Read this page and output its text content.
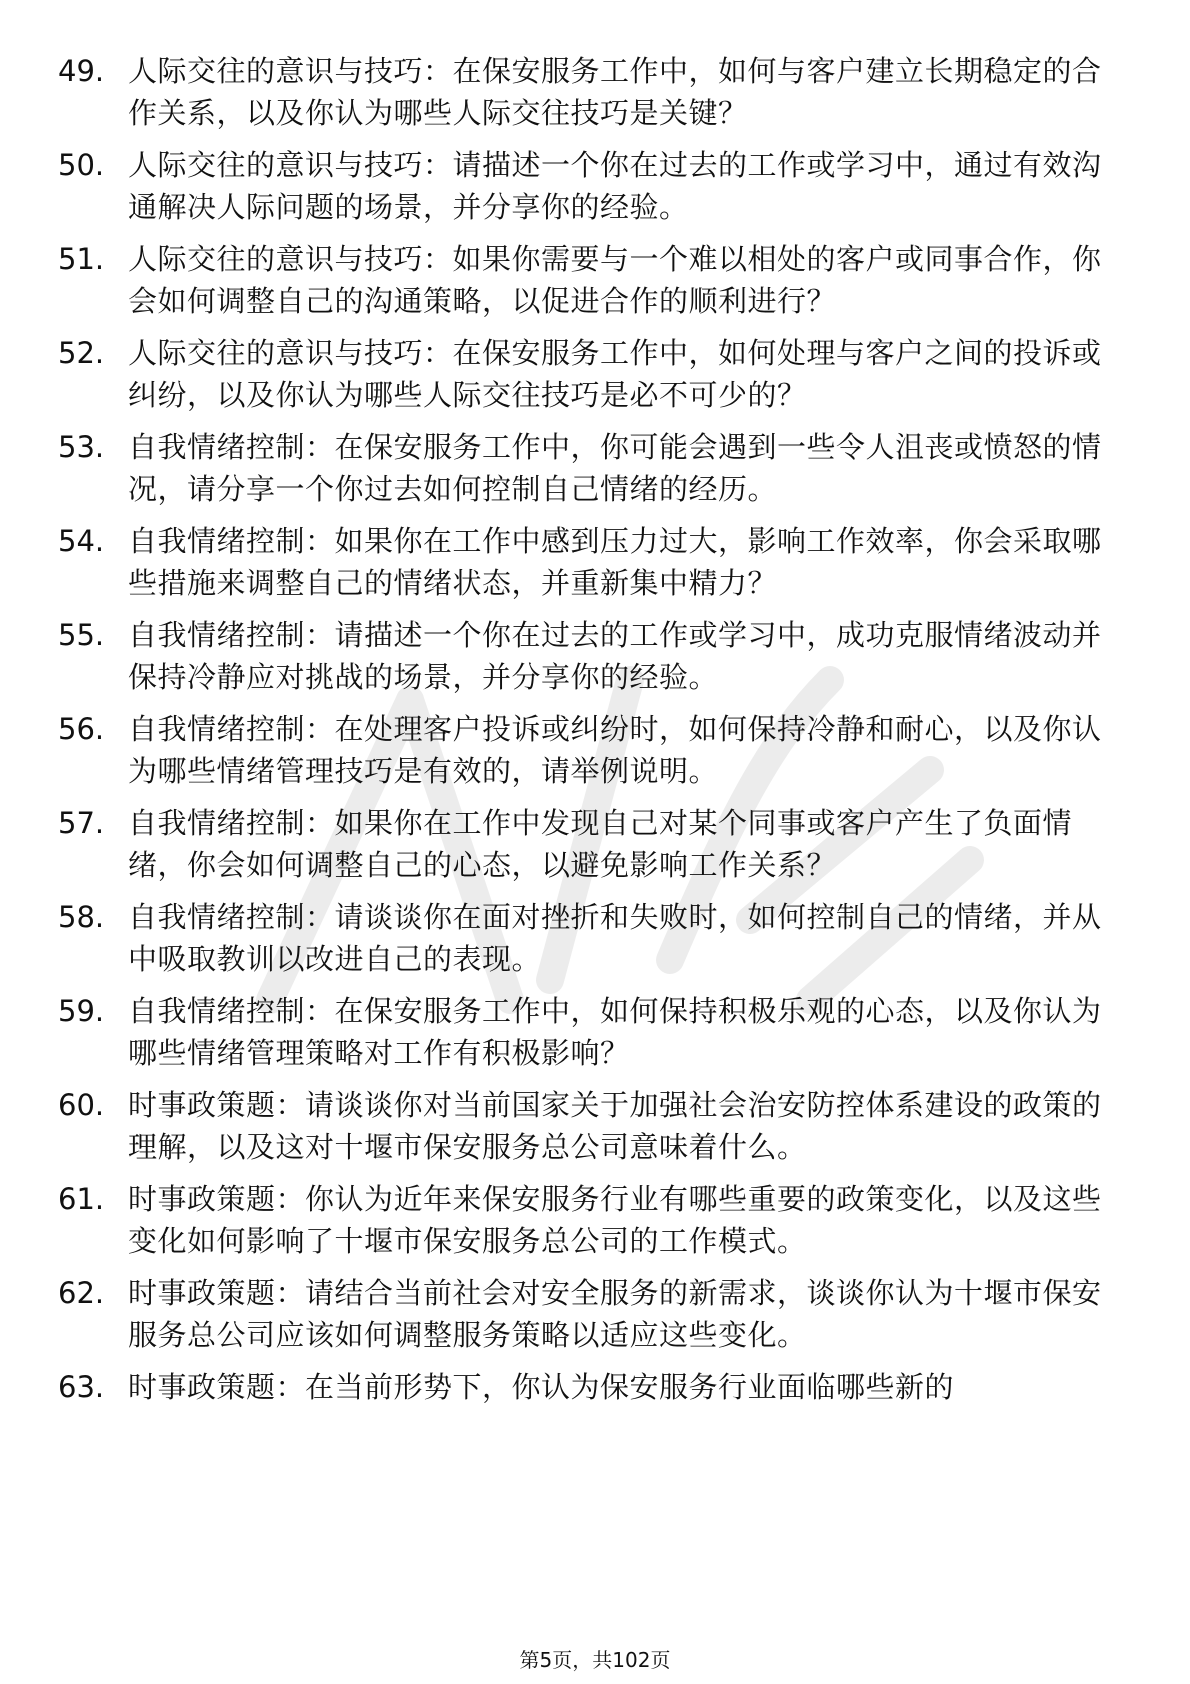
49. 人际交往的意识与技巧：在保安服务工作中，如何与客户建立长期稳定的合作关系，以及你认为哪些人际交往技巧是关键？
50. 人际交往的意识与技巧：请描述一个你在过去的工作或学习中，通过有效沟通解决人际问题的场景，并分享你的经验。
51. 人际交往的意识与技巧：如果你需要与一个难以相处的客户或同事合作，你会如何调整自己的沟通策略，以促进合作的顺利进行？
52. 人际交往的意识与技巧：在保安服务工作中，如何处理与客户之间的投诉或纠纷，以及你认为哪些人际交往技巧是必不可少的？
53. 自我情绪控制：在保安服务工作中，你可能会遇到一些令人沮丧或愤怒的情况，请分享一个你过去如何控制自己情绪的经历。
54. 自我情绪控制：如果你在工作中感到压力过大，影响工作效率，你会采取哪些措施来调整自己的情绪状态，并重新集中精力？
55. 自我情绪控制：请描述一个你在过去的工作或学习中，成功克服情绪波动并保持冷静应对挑战的场景，并分享你的经验。
56. 自我情绪控制：在处理客户投诉或纠纷时，如何保持冷静和耐心，以及你认为哪些情绪管理技巧是有效的，请举例说明。
57. 自我情绪控制：如果你在工作中发现自己对某个同事或客户产生了负面情绪，你会如何调整自己的心态，以避免影响工作关系？
58. 自我情绪控制：请谈谈你在面对挫折和失败时，如何控制自己的情绪，并从中吸取教训以改进自己的表现。
59. 自我情绪控制：在保安服务工作中，如何保持积极乐观的心态，以及你认为哪些情绪管理策略对工作有积极影响？
60. 时事政策题：请谈谈你对当前国家关于加强社会治安防控体系建设的政策的理解，以及这对十堰市保安服务总公司意味着什么。
61. 时事政策题：你认为近年来保安服务行业有哪些重要的政策变化，以及这些变化如何影响了十堰市保安服务总公司的工作模式。
62. 时事政策题：请结合当前社会对安全服务的新需求，谈谈你认为十堰市保安服务总公司应该如何调整服务策略以适应这些变化。
63. 时事政策题：在当前形势下，你认为保安服务行业面临哪些新的
第5页，共102页
